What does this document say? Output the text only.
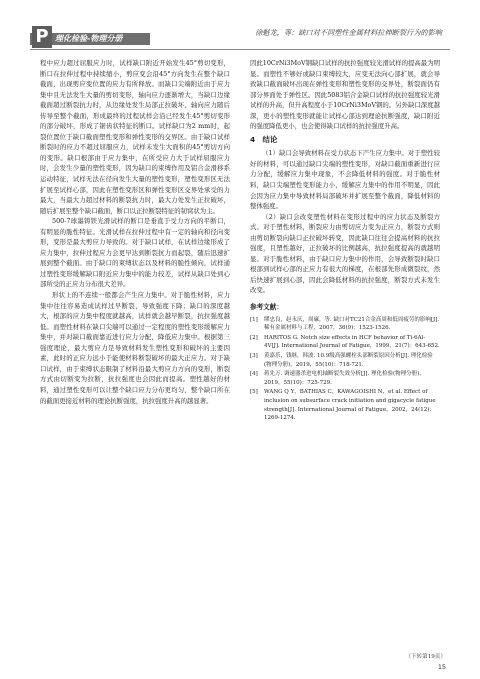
P 理化检验-物理分册
徐魁龙，等：缺口对不同塑性金属材料拉伸断裂行为的影响

程中应力超过屈服应力时，试样缺口附近开始发生45°剪切变形，断口在拉伸过程中持续缩小，剪应变会沿45°方向发生在整个缺口截面，出现剪应变位置的应力有所释放。而缺口尖端附近由于应力集中且无法发生大量的剪切变形，轴向应力逐渐增大，当缺口边缘截面超过断裂抗力时，从边缘处发生局部正拉破坏，轴向应力随后传导至整个截面，形成最终的过程试样会沿已经发生45°剪切变形的部分破坏，形成了锯齿状特征的断口。试样缺口为2 mm时，起裂位置位于缺口截面塑性变形和弹性变形的交界区。由于缺口试样断裂时的应力不超过屈服应力，试样未发生大面积的45°剪切方向的变形。缺口根部由于应力集中，在所受应力大于试样屈服应力时，会发生少量的塑性变形，因为缺口的束缚作用及铝合金滑移系运动特征，试样无法在径向发生大量的塑性变形，塑性变形区无法扩展至试样心部，因此在塑性变形区和弹性变形区交界处承受的力最大，当最大力超过材料的断裂抗力时，最大力处发生正拉破坏，随后扩展至整个缺口截面，断口以正拉断裂特征的韧窝状为主。

500-7球墨铸铁光滑试样的断口是垂直于受力方向的平断口，有明显的脆性特征。光滑试样在拉伸过程中有一定的轴向和径向变形，变形是最大剪应力导致的。对于缺口试样，在试样边缘形成了应力集中，拉伸过程应力会更早达到断裂抗力而起裂，随后迅速扩展到整个截面。由于缺口的束缚状态以及材料的脆性倾向，试样通过塑性变形缓解缺口附近应力集中的能力较差，试样从缺口处到心部所受的正应力分布很大差异。

形状上的不连续一般都会产生应力集中。对于脆性材料，应力集中往往容易造成试样过早断裂，导致强度下降；缺口的深度越大，根部的应力集中程度就越高，试样就会越早断裂，抗拉强度越低。而塑性材料在缺口尖端可以通过一定程度的塑性变形缓解应力集中，并对缺口截面靠近进行应力分配，降低应力集中。根据第三强度理论，最大剪应力是导致材料发生塑性变形和破坏的主要因素，此时的正应力远小于能使材料断裂破坏的最大正应力。对于缺口试样，由于束缚状态限制了材料沿最大剪应力方向的变形，断裂方式由切断变为拉断，抗拉强度也会因此而提高。塑性越好的材料，通过塑性变形可以让整个缺口应力分布更均匀，整个缺口所在的截面更接近材料的理论抗断强度，抗拉强度升高的越显著。

因此10CrNi3MoV钢缺口试样的抗拉强度较光滑试样的提高最为明显。而塑性不够好或缺口束缚较大，应变无法向心部扩展，就会导致缺口截面破坏出现在弹性变形和塑性变形的交界处，断裂面仍有部分界面处于弹性区。因此5083铝合金缺口试样的抗拉强度较光滑试样的升高，但升高程度小于10CrNi3MoV钢的。另外缺口深度越深，更小的塑性变形就能让试样心部达到理论抗断强度，缺口附近的强度降低更小，也会使得缺口试样的抗拉强度升高。

4　结论

（1）缺口会导致材料在受力状态下产生应力集中。对于塑性较好的材料，可以通过缺口尖端的塑性变形，对缺口截面重新进行应力分配，缓解应力集中现象，不会降低材料的强度。对于脆性材料，缺口尖端塑性变形能力小，缓解应力集中的作用不明显，因此会因为应力集中导致材料局部破坏并扩展至整个截面，降低材料的整体强度。

（2）缺口会改变塑性材料在变形过程中的应力状态及断裂方式。对于塑性材料，断裂应力由剪切应力变为正应力，断裂方式则由剪切断裂向缺口正拉破坏转变，因此缺口往往会提高材料的抗拉强度，且塑性越好，正拉破坏的比例越高，抗拉强度提高的就越明显。对于脆性材料，由于缺口应力集中的作用，会导致断裂时缺口根部到试样心部的正应力有很大的梯度，在根部先形成微裂纹，然后快速扩展到心部，因此会降低材料的抗拉强度，断裂方式未发生改变。

参考文献：
[1]	缪忠良，赵永庆，周廉，等. 缺口对TC21合金高周和低周疲劳的影响[J]. 稀有金属材料与工程，2007，36(9)：1523-1526.
[2]	HARITOS G. Notch size effects in HCF behavior of Ti-6Al-4V[J]. International Journal of Fatigue，1999，21(7)：643-652.
[3]	黄嘉乐，钱继，韩波. 10.9级高强螺栓头部断裂原因分析[J]. 理化检验(物理分册)，2019，55(10)：718-721.
[4]	蒋先万. 调速器杀进电机轴断裂失效分析[J]. 理化检验(物理分册)，2019，55(10)：725-729.
[5]	WANG Q Y，BATHIAS C，KAWAGOISHI N，et al. Effect of inclusion on subsurface crack initiation and gigacycle fatigue strength[J]. International Journal of Fatigue，2002，24(12)：1269-1274.
（下转第19页）
15
